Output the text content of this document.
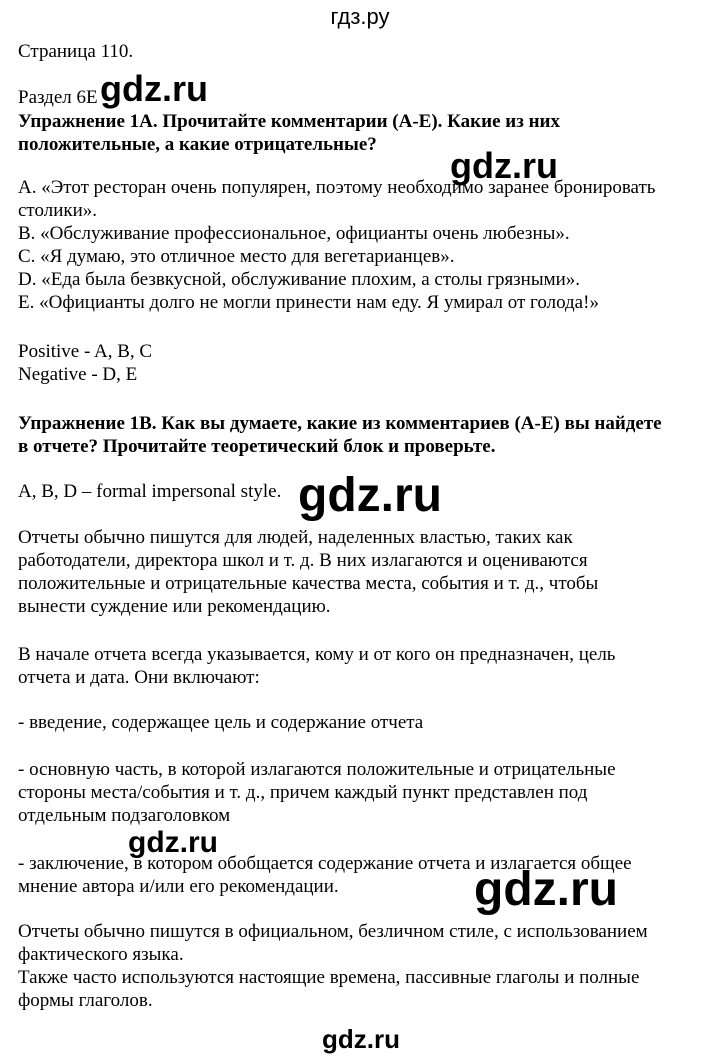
гдз.ру
Страница 110.
Раздел 6E
Упражнение 1A. Прочитайте комментарии (A-E). Какие из них
положительные, а какие отрицательные?
A. «Этот ресторан очень популярен, поэтому необходимо заранее бронировать
столики».
B. «Обслуживание профессиональное, официанты очень любезны».
C. «Я думаю, это отличное место для вегетарианцев».
D. «Еда была безвкусной, обслуживание плохим, а столы грязными».
E. «Официанты долго не могли принести нам еду. Я умирал от голода!»
Positive - A, B, C
Negative - D, E
Упражнение 1B. Как вы думаете, какие из комментариев (A-E) вы найдете
в отчете? Прочитайте теоретический блок и проверьте.
A, B, D – formal impersonal style.
Отчеты обычно пишутся для людей, наделенных властью, таких как
работодатели, директора школ и т. д. В них излагаются и оцениваются
положительные и отрицательные качества места, события и т. д., чтобы
вынести суждение или рекомендацию.
В начале отчета всегда указывается, кому и от кого он предназначен, цель
отчета и дата. Они включают:
- введение, содержащее цель и содержание отчета
- основную часть, в которой излагаются положительные и отрицательные
стороны места/события и т. д., причем каждый пункт представлен под
отдельным подзаголовком
- заключение, в котором обобщается содержание отчета и излагается общее
мнение автора и/или его рекомендации.
Отчеты обычно пишутся в официальном, безличном стиле, с использованием
фактического языка.
Также часто используются настоящие времена, пассивные глаголы и полные
формы глаголов.
gdz.ru
gdz.ru
gdz.ru
gdz.ru
gdz.ru
gdz.ru
